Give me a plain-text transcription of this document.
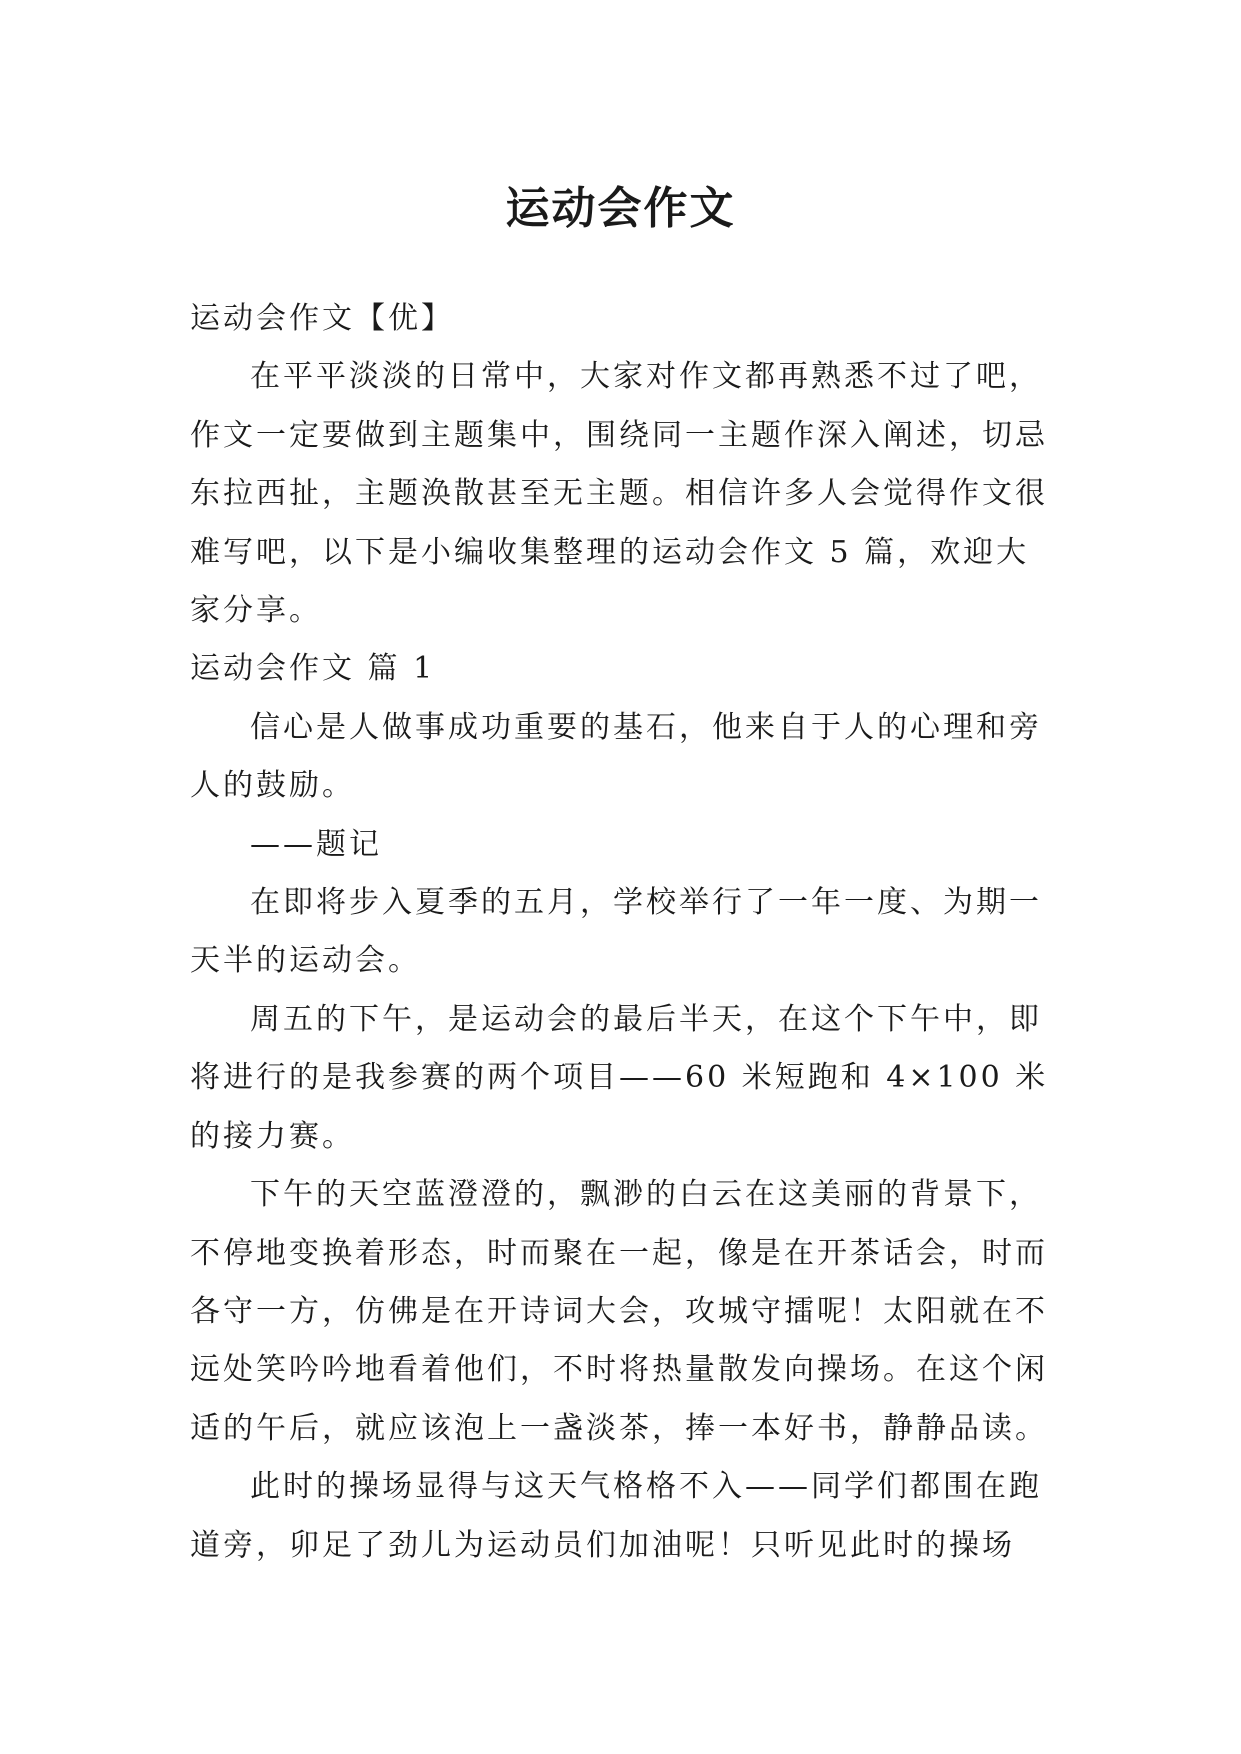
运动会作文

运动会作文【优】

在平平淡淡的日常中，大家对作文都再熟悉不过了吧，作文一定要做到主题集中，围绕同一主题作深入阐述，切忌东拉西扯，主题涣散甚至无主题。相信许多人会觉得作文很难写吧，以下是小编收集整理的运动会作文 5 篇，欢迎大家分享。

运动会作文 篇 1

信心是人做事成功重要的基石，他来自于人的心理和旁人的鼓励。

——题记

在即将步入夏季的五月，学校举行了一年一度、为期一天半的运动会。

周五的下午，是运动会的最后半天，在这个下午中，即将进行的是我参赛的两个项目——60 米短跑和 4×100 米的接力赛。

下午的天空蓝澄澄的，飘渺的白云在这美丽的背景下，不停地变换着形态，时而聚在一起，像是在开茶话会，时而各守一方，仿佛是在开诗词大会，攻城守擂呢！太阳就在不远处笑吟吟地看着他们，不时将热量散发向操场。在这个闲适的午后，就应该泡上一盏淡茶，捧一本好书，静静品读。

此时的操场显得与这天气格格不入——同学们都围在跑道旁，卯足了劲儿为运动员们加油呢！只听见此时的操场
